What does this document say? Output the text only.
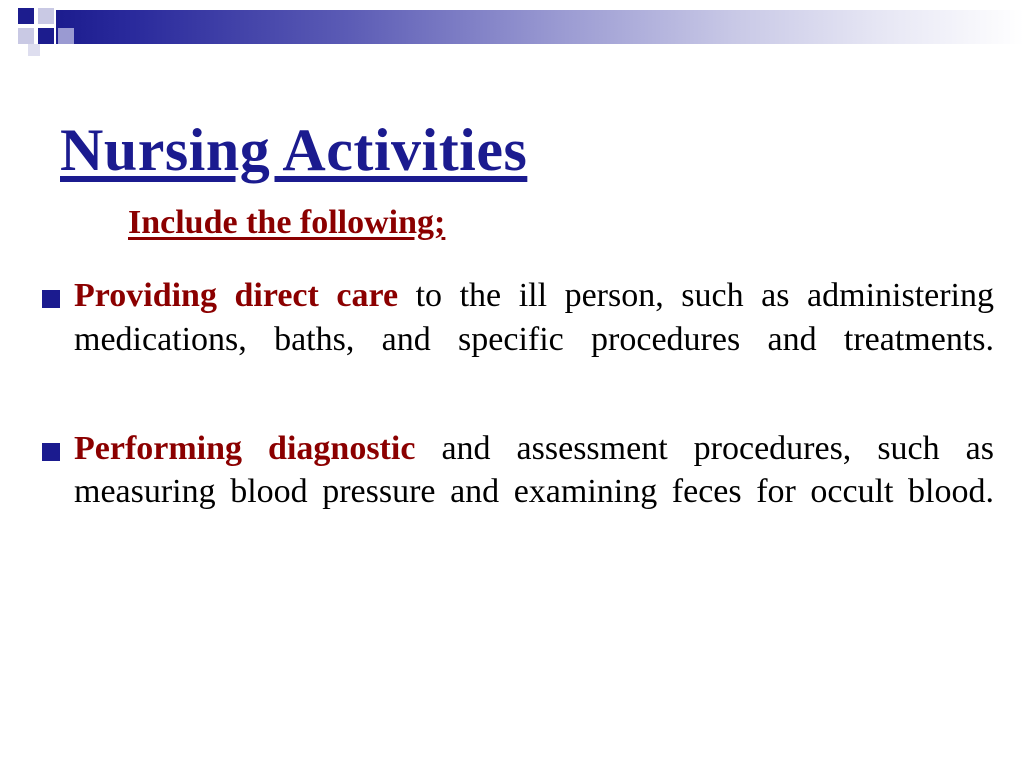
Nursing Activities
Include the following;
Providing direct care to the ill person, such as administering medications, baths, and specific procedures and treatments.
Performing diagnostic and assessment procedures, such as measuring blood pressure and examining feces for occult blood.
